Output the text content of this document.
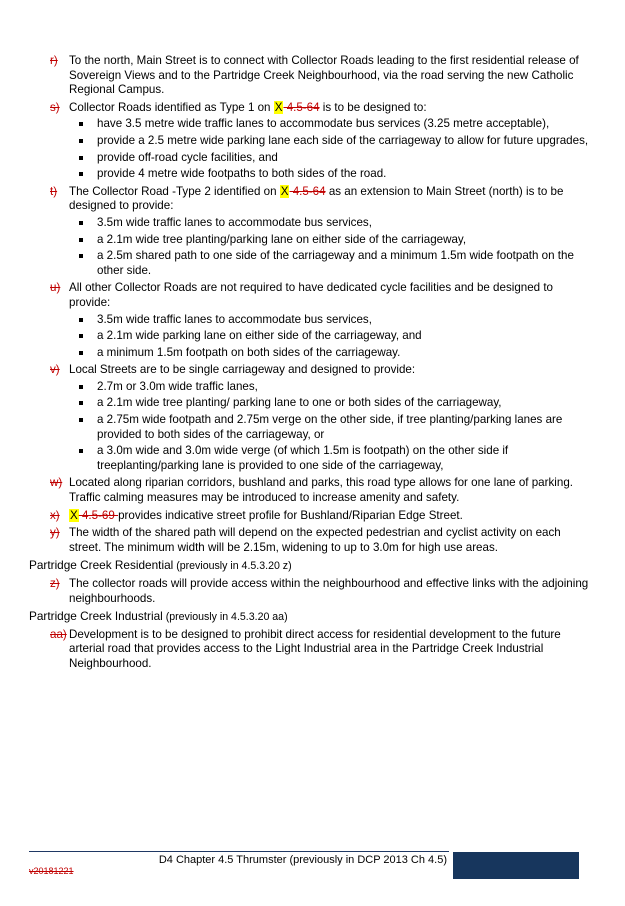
r) To the north, Main Street is to connect with Collector Roads leading to the first residential release of Sovereign Views and to the Partridge Creek Neighbourhood, via the road serving the new Catholic Regional Campus.
s) Collector Roads identified as Type 1 on X 4.5-64 is to be designed to:
have 3.5 metre wide traffic lanes to accommodate bus services (3.25 metre acceptable),
provide a 2.5 metre wide parking lane each side of the carriageway to allow for future upgrades,
provide off-road cycle facilities, and
provide 4 metre wide footpaths to both sides of the road.
t) The Collector Road -Type 2 identified on X 4.5-64 as an extension to Main Street (north) is to be designed to provide:
3.5m wide traffic lanes to accommodate bus services,
a 2.1m wide tree planting/parking lane on either side of the carriageway,
a 2.5m shared path to one side of the carriageway and a minimum 1.5m wide footpath on the other side.
u) All other Collector Roads are not required to have dedicated cycle facilities and be designed to provide:
3.5m wide traffic lanes to accommodate bus services,
a 2.1m wide parking lane on either side of the carriageway, and
a minimum 1.5m footpath on both sides of the carriageway.
v) Local Streets are to be single carriageway and designed to provide:
2.7m or 3.0m wide traffic lanes,
a 2.1m wide tree planting/ parking lane to one or both sides of the carriageway,
a 2.75m wide footpath and 2.75m verge on the other side, if tree planting/parking lanes are provided to both sides of the carriageway, or
a 3.0m wide and 3.0m wide verge (of which 1.5m is footpath) on the other side if treeplanting/parking lane is provided to one side of the carriageway,
w) Located along riparian corridors, bushland and parks, this road type allows for one lane of parking. Traffic calming measures may be introduced to increase amenity and safety.
x) X 4.5-69 provides indicative street profile for Bushland/Riparian Edge Street.
y) The width of the shared path will depend on the expected pedestrian and cyclist activity on each street. The minimum width will be 2.15m, widening to up to 3.0m for high use areas.
Partridge Creek Residential (previously in 4.5.3.20 z)
z) The collector roads will provide access within the neighbourhood and effective links with the adjoining neighbourhoods.
Partridge Creek Industrial (previously in 4.5.3.20 aa)
aa) Development is to be designed to prohibit direct access for residential development to the future arterial road that provides access to the Light Industrial area in the Partridge Creek Industrial Neighbourhood.
D4 Chapter 4.5 Thrumster (previously in DCP 2013 Ch 4.5)
v20181221
